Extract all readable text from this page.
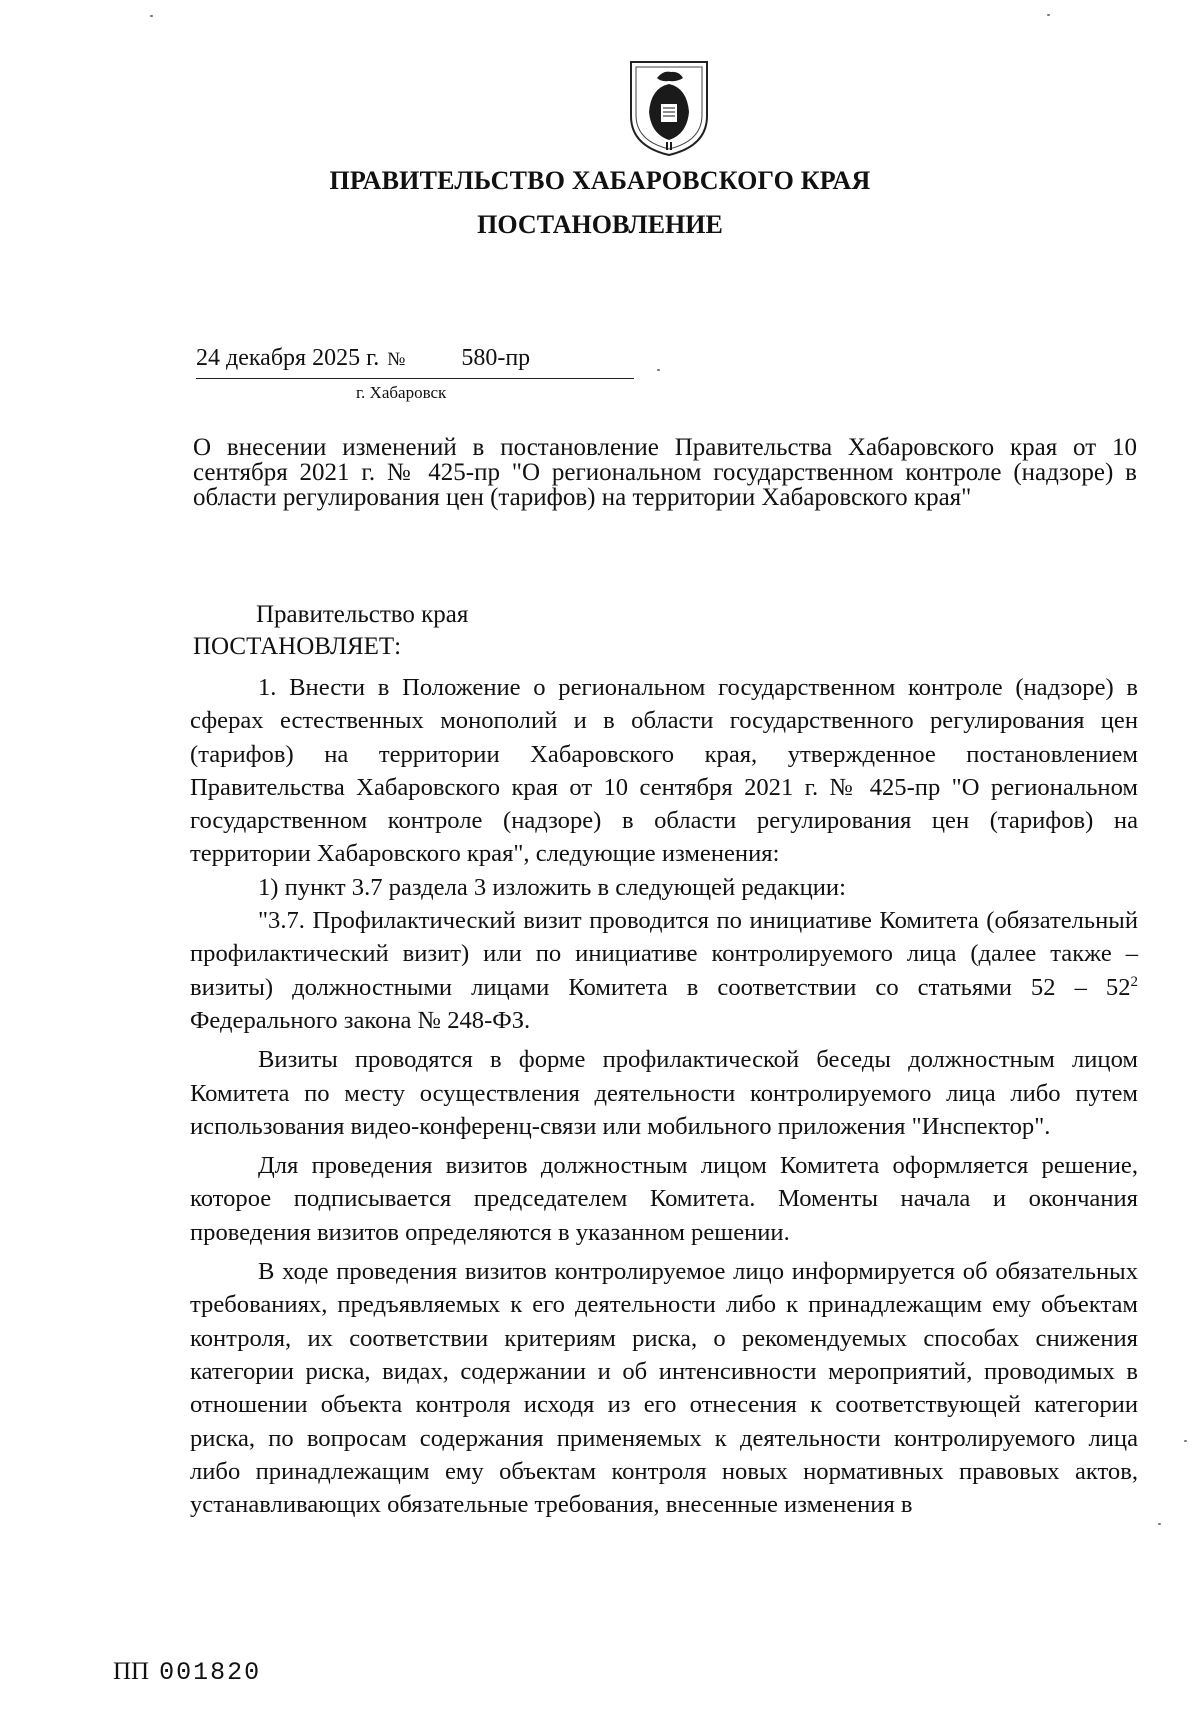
ПРАВИТЕЛЬСТВО ХАБАРОВСКОГО КРАЯ
ПОСТАНОВЛЕНИЕ
24 декабря 2025 г. № 580-пр
г. Хабаровск
О внесении изменений в постановление Правительства Хабаровского края от 10 сентября 2021 г. № 425-пр "О региональном государственном контроле (надзоре) в области регулирования цен (тарифов) на территории Хабаровского края"
Правительство края
ПОСТАНОВЛЯЕТ:

1. Внести в Положение о региональном государственном контроле (надзоре) в сферах естественных монополий и в области государственного регулирования цен (тарифов) на территории Хабаровского края, утвержденное постановлением Правительства Хабаровского края от 10 сентября 2021 г. № 425-пр "О региональном государственном контроле (надзоре) в области регулирования цен (тарифов) на территории Хабаровского края", следующие изменения:

1) пункт 3.7 раздела 3 изложить в следующей редакции:

"3.7. Профилактический визит проводится по инициативе Комитета (обязательный профилактический визит) или по инициативе контролируемого лица (далее также – визиты) должностными лицами Комитета в соответствии со статьями $52 - 52^2$ Федерального закона № 248-ФЗ.

Визиты проводятся в форме профилактической беседы должностным лицом Комитета по месту осуществления деятельности контролируемого лица либо путем использования видео-конференц-связи или мобильного приложения "Инспектор".

Для проведения визитов должностным лицом Комитета оформляется решение, которое подписывается председателем Комитета. Моменты начала и окончания проведения визитов определяются в указанном решении.

В ходе проведения визитов контролируемое лицо информируется об обязательных требованиях, предъявляемых к его деятельности либо к принадлежащим ему объектам контроля, их соответствии критериям риска, о рекомендуемых способах снижения категории риска, видах, содержании и об интенсивности мероприятий, проводимых в отношении объекта контроля исходя из его отнесения к соответствующей категории риска, по вопросам содержания применяемых к деятельности контролируемого лица либо принадлежащим ему объектам контроля новых нормативных правовых актов, устанавливающих обязательные требования, внесенные изменения в

ПП 001820
